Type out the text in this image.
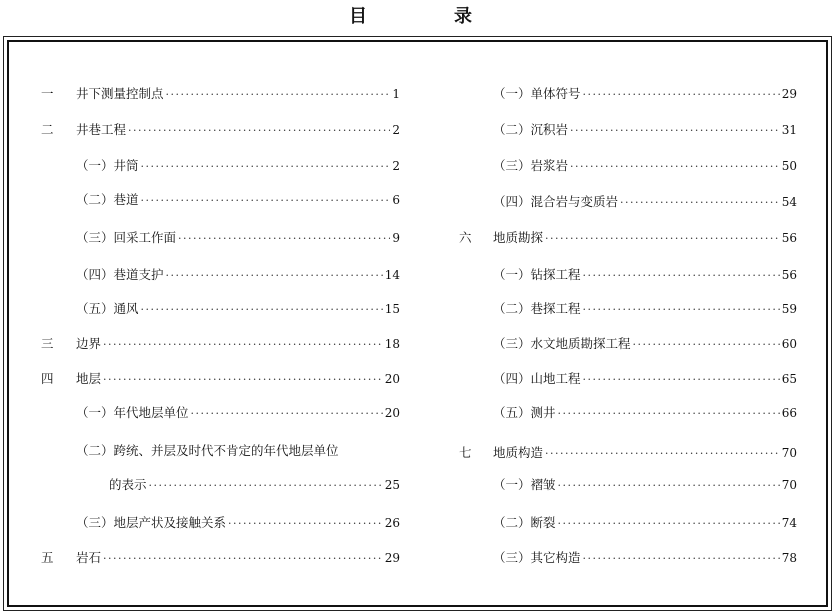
目	录
一	井下测量控制点 ·····	1
二	井巷工程 ·····	2
（一）井筒 ·····	2
（二）巷道 ·····	6
（三）回采工作面 ·····	9
（四）巷道支护 ·····	14
（五）通风 ·····	15
三	边界 ·····	18
四	地层 ·····	20
（一）年代地层单位 ·····	20
（二）跨统、并层及时代不肯定的年代地层单位
的表示 ·····	25
（三）地层产状及接触关系 ·····	26
五	岩石 ·····	29
（一）单体符号 ·····	29
（二）沉积岩 ·····	31
（三）岩浆岩 ·····	50
（四）混合岩与变质岩 ·····	54
六	地质勘探 ·····	56
（一）钻探工程 ·····	56
（二）巷探工程 ·····	59
（三）水文地质勘探工程 ·····	60
（四）山地工程 ·····	65
（五）测井 ·····	66
七	地质构造 ·····	70
（一）褶皱 ·····	70
（二）断裂 ·····	74
（三）其它构造 ·····	78
